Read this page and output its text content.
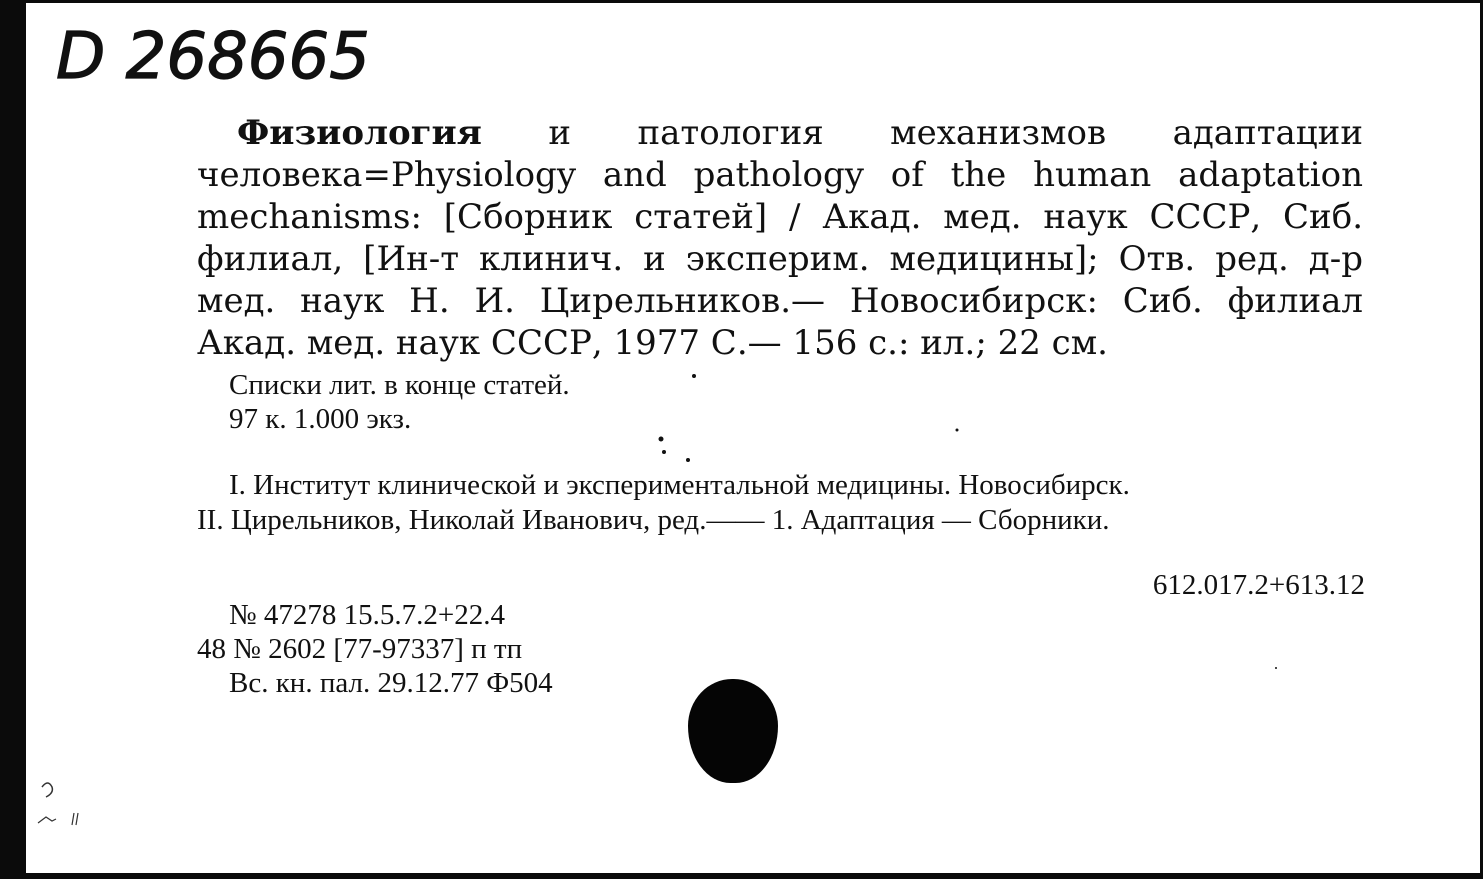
D 268665
Физиология и патология механизмов адаптации
человека=Physiology and pathology of the human adaptation
mechanisms: [Сборник статей] / Акад. мед. наук СССР, Сиб.
филиал, [Ин-т клинич. и эксперим. медицины]; Отв. ред. д-р
мед. наук Н. И. Цирельников.— Новосибирск: Сиб. филиал
Акад. мед. наук СССР, 1977 С.— 156 с.: ил.; 22 см.
Списки лит. в конце статей.
97 к. 1.000 экз.
I. Институт клинической и экспериментальной медицины. Новосибирск.
II. Цирельников, Николай Иванович, ред.—— 1. Адаптация — Сборники.
612.017.2+613.12
№ 47278 15.5.7.2+22.4
48 № 2602 [77-97337] п тп
Вс. кн. пал. 29.12.77 Ф504
